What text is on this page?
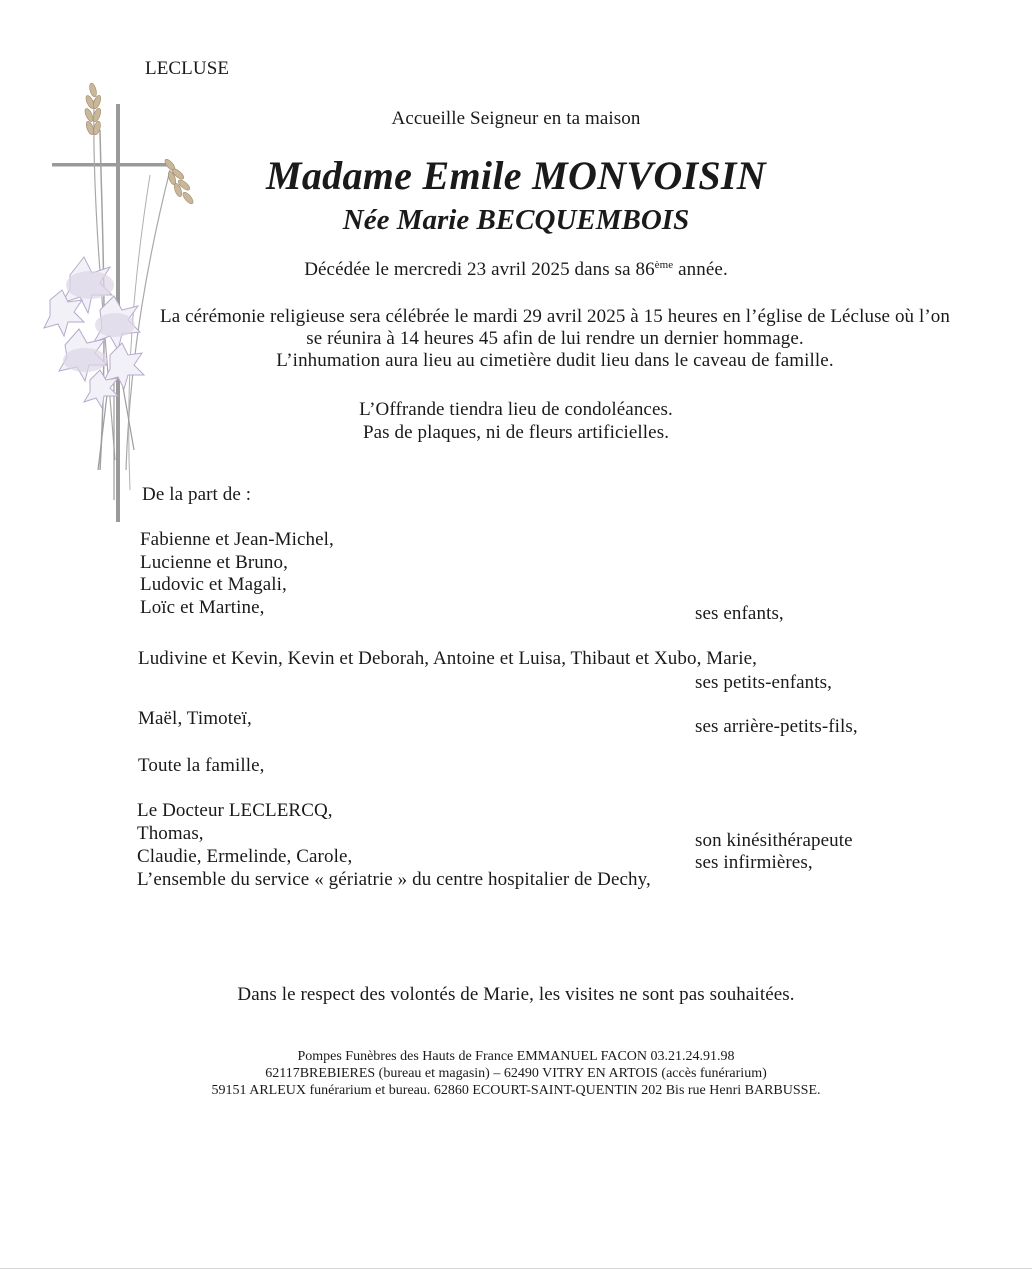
LECLUSE
Accueille Seigneur en ta maison
Madame Emile MONVOISIN
Née Marie BECQUEMBOIS
Décédée le mercredi 23 avril 2025 dans sa 86ème année.
La cérémonie religieuse sera célébrée le mardi 29 avril 2025 à 15 heures en l’église de Lécluse où l’on
se réunira à 14 heures 45 afin de lui rendre un dernier hommage.
L’inhumation aura lieu au cimetière dudit lieu dans le caveau de famille.
L’Offrande tiendra lieu de condoléances.
Pas de plaques, ni de fleurs artificielles.
De la part de :
Fabienne et Jean-Michel,
Lucienne et Bruno,
Ludovic et Magali,
Loïc et Martine,	ses enfants,
Ludivine et Kevin, Kevin et Deborah, Antoine et Luisa, Thibaut et Xubo, Marie,
ses petits-enfants,
Maël, Timoteï,	ses arrière-petits-fils,
Toute la famille,
Le Docteur LECLERCQ,
Thomas,
Claudie, Ermelinde, Carole,
L’ensemble du service « gériatrie » du centre hospitalier de Dechy,
son kinésithérapeute
ses infirmières,
Dans le respect des volontés de Marie, les visites ne sont pas souhaitées.
Pompes Funèbres des Hauts de France EMMANUEL FACON 03.21.24.91.98
62117BREBIERES (bureau et magasin) – 62490 VITRY EN ARTOIS (accès funérarium)
59151 ARLEUX funérarium et bureau. 62860 ECOURT-SAINT-QUENTIN 202 Bis rue Henri BARBUSSE.
